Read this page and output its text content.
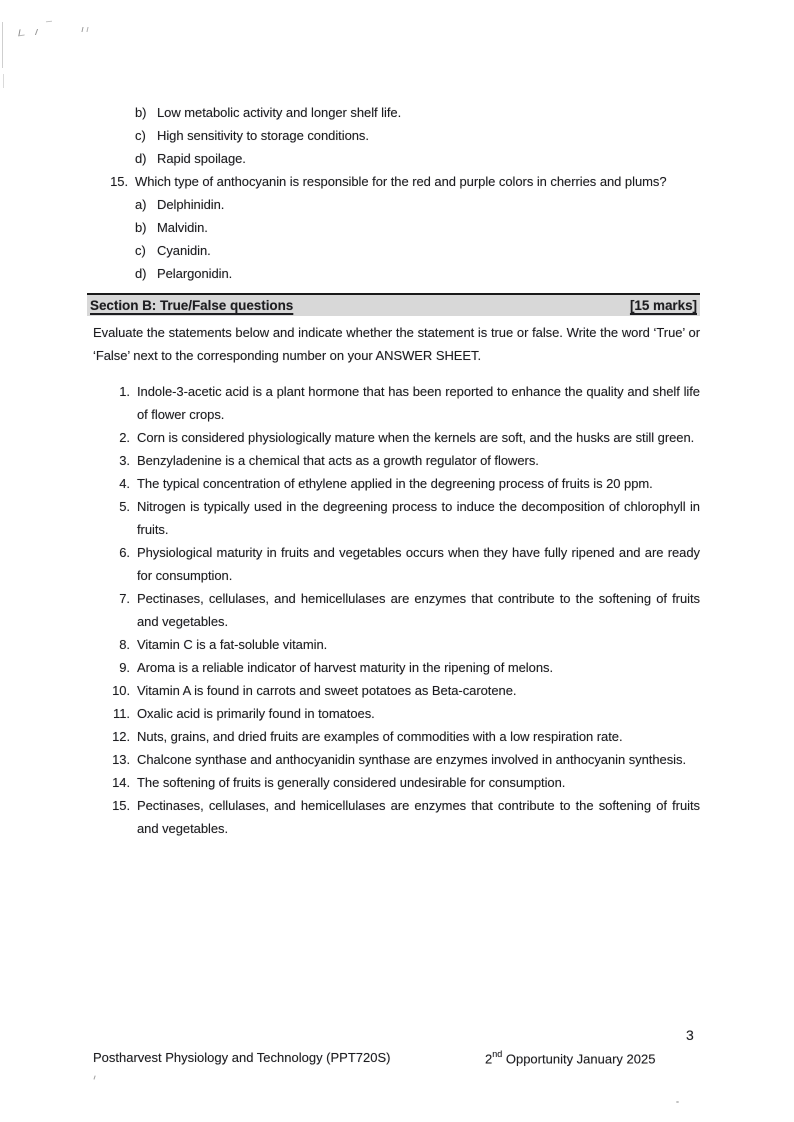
b) Low metabolic activity and longer shelf life.
c) High sensitivity to storage conditions.
d) Rapid spoilage.
15. Which type of anthocyanin is responsible for the red and purple colors in cherries and plums?
a) Delphinidin.
b) Malvidin.
c) Cyanidin.
d) Pelargonidin.
Section B: True/False questions	[15 marks]
Evaluate the statements below and indicate whether the statement is true or false. Write the word ‘True’ or ‘False’ next to the corresponding number on your ANSWER SHEET.
1. Indole-3-acetic acid is a plant hormone that has been reported to enhance the quality and shelf life of flower crops.
2. Corn is considered physiologically mature when the kernels are soft, and the husks are still green.
3. Benzyladenine is a chemical that acts as a growth regulator of flowers.
4. The typical concentration of ethylene applied in the degreening process of fruits is 20 ppm.
5. Nitrogen is typically used in the degreening process to induce the decomposition of chlorophyll in fruits.
6. Physiological maturity in fruits and vegetables occurs when they have fully ripened and are ready for consumption.
7. Pectinases, cellulases, and hemicellulases are enzymes that contribute to the softening of fruits and vegetables.
8. Vitamin C is a fat-soluble vitamin.
9. Aroma is a reliable indicator of harvest maturity in the ripening of melons.
10. Vitamin A is found in carrots and sweet potatoes as Beta-carotene.
11. Oxalic acid is primarily found in tomatoes.
12. Nuts, grains, and dried fruits are examples of commodities with a low respiration rate.
13. Chalcone synthase and anthocyanidin synthase are enzymes involved in anthocyanin synthesis.
14. The softening of fruits is generally considered undesirable for consumption.
15. Pectinases, cellulases, and hemicellulases are enzymes that contribute to the softening of fruits and vegetables.
3
Postharvest Physiology and Technology (PPT720S)	2nd Opportunity January 2025
